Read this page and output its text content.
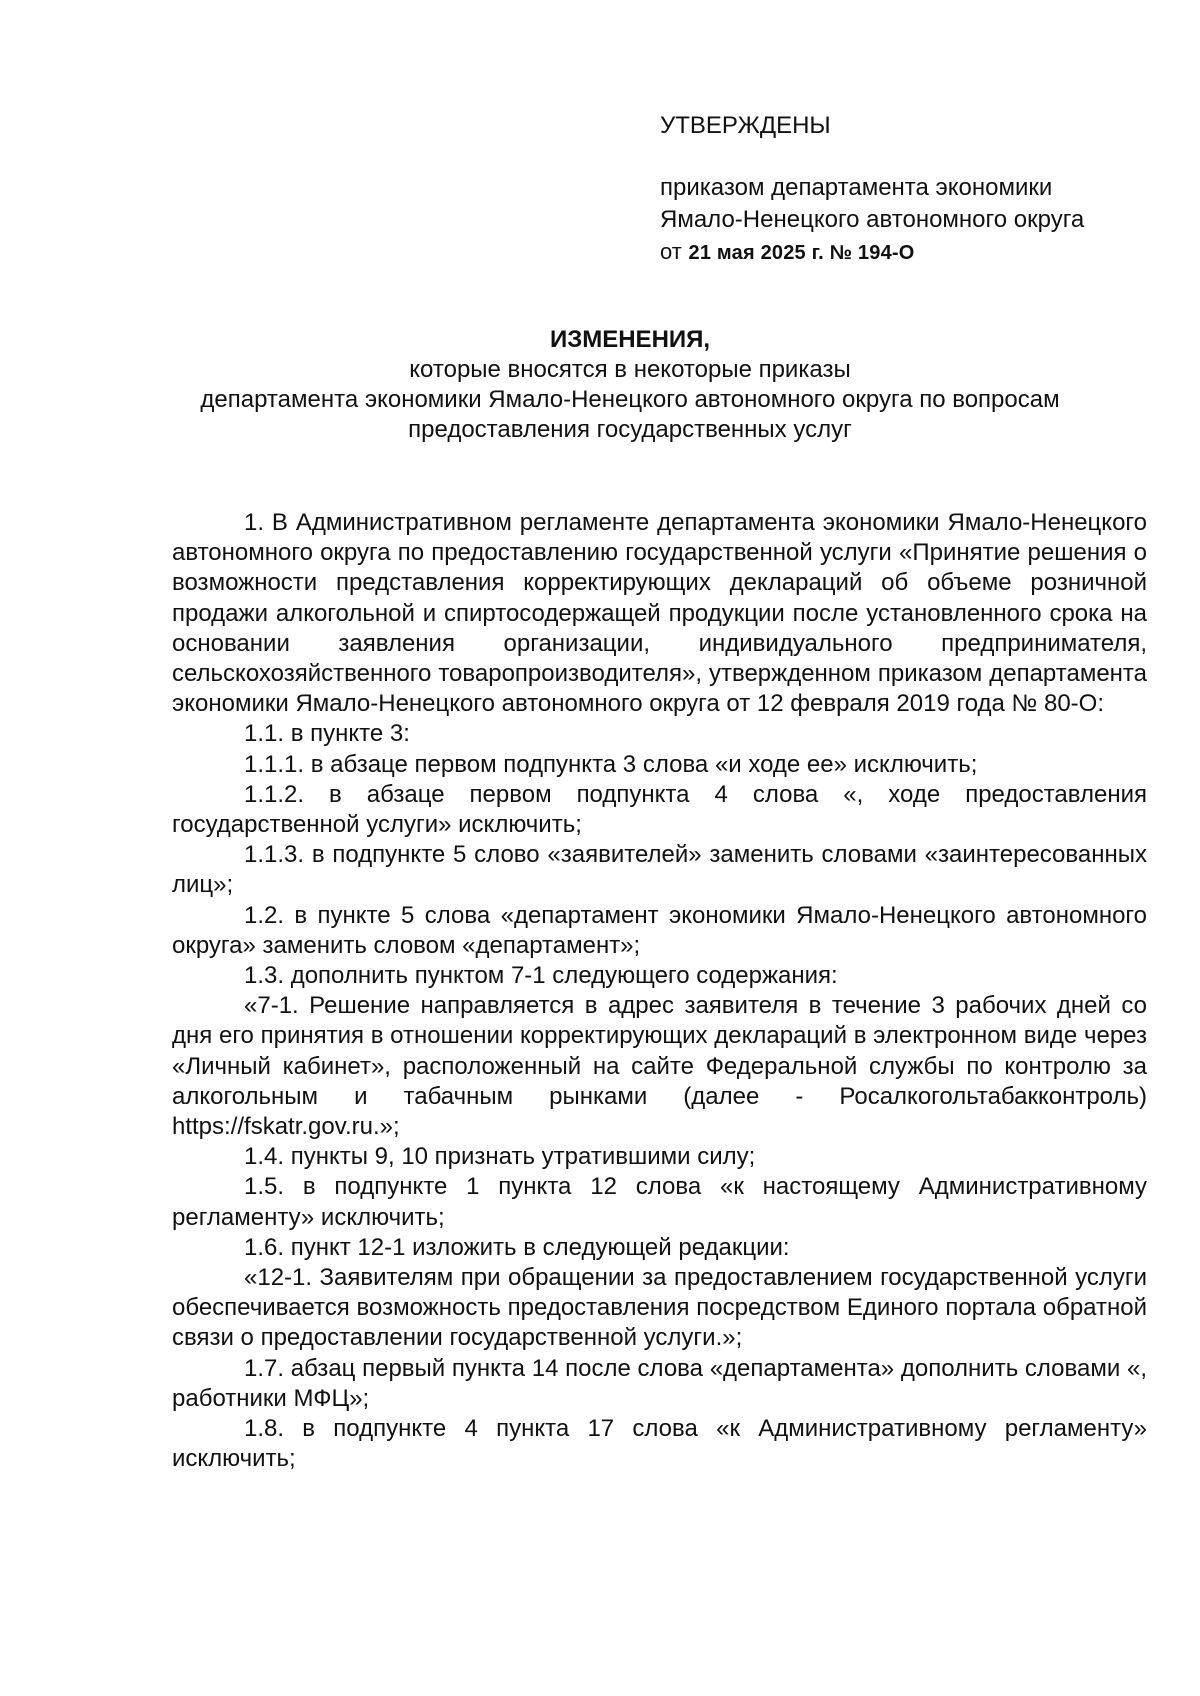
УТВЕРЖДЕНЫ

приказом департамента экономики

Ямало-Ненецкого автономного округа

от 21 мая 2025 г. № 194-О

ИЗМЕНЕНИЯ,

которые вносятся в некоторые приказы

департамента экономики Ямало-Ненецкого автономного округа по вопросам

предоставления государственных услуг

1. В Административном регламенте департамента экономики Ямало-Ненецкого автономного округа по предоставлению государственной услуги «Принятие решения о возможности представления корректирующих деклараций об объеме розничной продажи алкогольной и спиртосодержащей продукции после установленного срока на основании заявления организации, индивидуального предпринимателя, сельскохозяйственного товаропроизводителя», утвержденном приказом департамента экономики Ямало-Ненецкого автономного округа от 12 февраля 2019 года № 80-О:

1.1. в пункте 3:

1.1.1. в абзаце первом подпункта 3 слова «и ходе ее» исключить;

1.1.2. в абзаце первом подпункта 4 слова «, ходе предоставления государственной услуги» исключить;

1.1.3. в подпункте 5 слово «заявителей» заменить словами «заинтересованных лиц»;

1.2. в пункте 5 слова «департамент экономики Ямало-Ненецкого автономного округа» заменить словом «департамент»;

1.3. дополнить пунктом 7-1 следующего содержания:

«7-1. Решение направляется в адрес заявителя в течение 3 рабочих дней со дня его принятия в отношении корректирующих деклараций в электронном виде через «Личный кабинет», расположенный на сайте Федеральной службы по контролю за алкогольным и табачным рынками (далее - Росалкогольтабакконтроль) https://fskatr.gov.ru.»;

1.4. пункты 9, 10 признать утратившими силу;

1.5. в подпункте 1 пункта 12 слова «к настоящему Административному регламенту» исключить;

1.6. пункт 12-1 изложить в следующей редакции:

«12-1. Заявителям при обращении за предоставлением государственной услуги обеспечивается возможность предоставления посредством Единого портала обратной связи о предоставлении государственной услуги.»;

1.7. абзац первый пункта 14 после слова «департамента» дополнить словами «, работники МФЦ»;

1.8. в подпункте 4 пункта 17 слова «к Административному регламенту» исключить;
